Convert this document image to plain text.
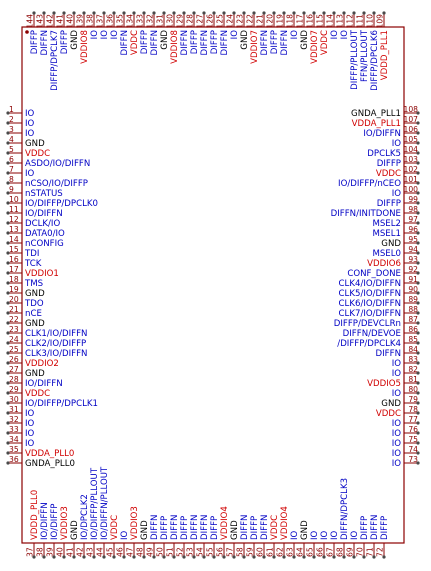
1 IO
2 IO
3 IO
4 GND
5 VDDC
6 ASDO/IO/DIFFN
7 IO
8 nCSO/IO/DIFFP
9 nSTATUS
10 IO/DIFFP/DPCLK0
11 IO/DIFFN
12 DCLK/IO
13 DATA0/IO
14 nCONFIG
15 TDI
16 TCK
17 VDDIO1
18 TMS
19 GND
20 TDO
21 nCE
22 GND
23 CLK1/IO/DIFFN
24 CLK2/IO/DIFFP
25 CLK3/IO/DIFFN
26 VDDIO2
27 GND
28 IO/DIFFN
29 VDDC
30 IO/DIFFP/DPCLK1
31 IO
32 IO
33 IO
34 IO
35 VDDA_PLL0
36 GNDA_PLL0
37
VDDD_PLL0
38
IO/DIFFN
39
IO/DIFFP
40
VDDIO3
41
GND
42
IO/DPCLK2
43
IO/DIFFP/PLLOUT
44
IO/DIFFN/PLLOUT
45
VDDC
46
IO
47
VDDIO3
48
GND
49
DIFFN
50
DIFFP
51
DIFFN
52
DIFFP
53
DIFFN
54
DIFFN
55
DIFFP
56
VDDIO4
57
GND
58
DIFFN
59
DIFFP
60
DIFFN
61
VDDC
62
VDDIO4
63
IO
64
GND
65
IO
66
IO
67
IO
68
DIFFN/DPCLK3
69
IO
70
DIFFP
71
DIFFN
72
DIFFP
108
GNDA_PLL1
107
VDDA_PLL1
106
IO/DIFFN
105
IO
104
DPCLK5
103
DIFFP
102
VDDC
101
IO/DIFFP/nCEO
100
IO
99
DIFFP
98
DIFFN/INITDONE
97
MSEL2
96
MSEL1
95
GND
94
MSEL0
93
VDDIO6
92
CONF_DONE
91
CLK4/IO/DIFFN
90
CLK5/IO/DIFFN
89
CLK6/IO/DIFFN
88
CLK7/IO/DIFFN
87
DIFFP/DEVCLRn
86
DIFFN/DEVOE
85
/DIFFP/DPCLK4
84
DIFFN
83
IO
82
IO
81
VDDIO5
80
IO
79
GND
78
VDDC
77
IO
76
IO
75
IO
74
IO
73
IO
144
DIFFP
143
DIFFN
142
DIFFP/DPCLK7
141
DIFFP
140
GND
139
VDDIO8
138
IO
137
IO
136
IO
135
DIFFN
134
VDDC
133
DIFFP
132
DIFFN
131
GND
130
VDDIO8
129
DIFFN
128
DIFFP
127
DIFFN
126
DIFFP
125
DIFFN
124
IO
123
GND
122
VDDIO7
121
DIFFN
120
DIFFP
119
DIFFN
118
IO
117
GND
116
VDDIO7
115
VDDC
114
IO
113
IO
112
DIFFP/PLLOUT
111
FFN/PLLOUT
110
DIFFP/DPCLK6
109
VDDD_PLL1
